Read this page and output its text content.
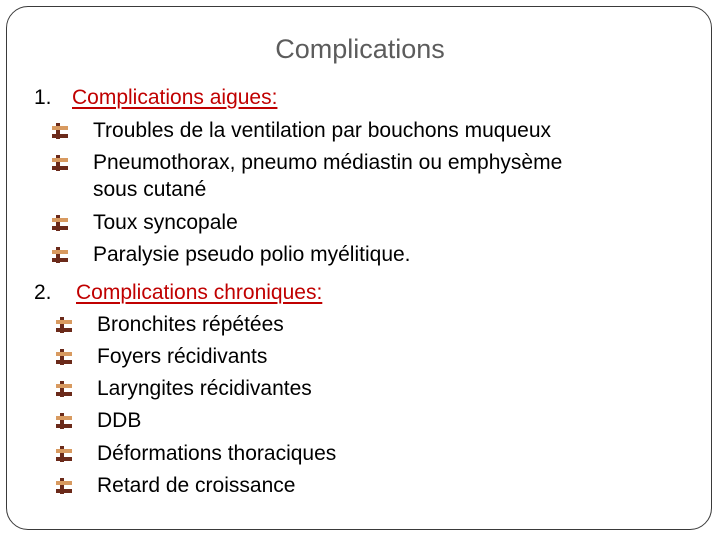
Complications
1. Complications aigues:
Troubles de la ventilation par bouchons muqueux
Pneumothorax, pneumo médiastin ou emphysème
sous cutané
Toux syncopale
Paralysie pseudo polio myélitique.
2. Complications chroniques:
Bronchites répétées
Foyers récidivants
Laryngites récidivantes
DDB
Déformations thoraciques
Retard de croissance
